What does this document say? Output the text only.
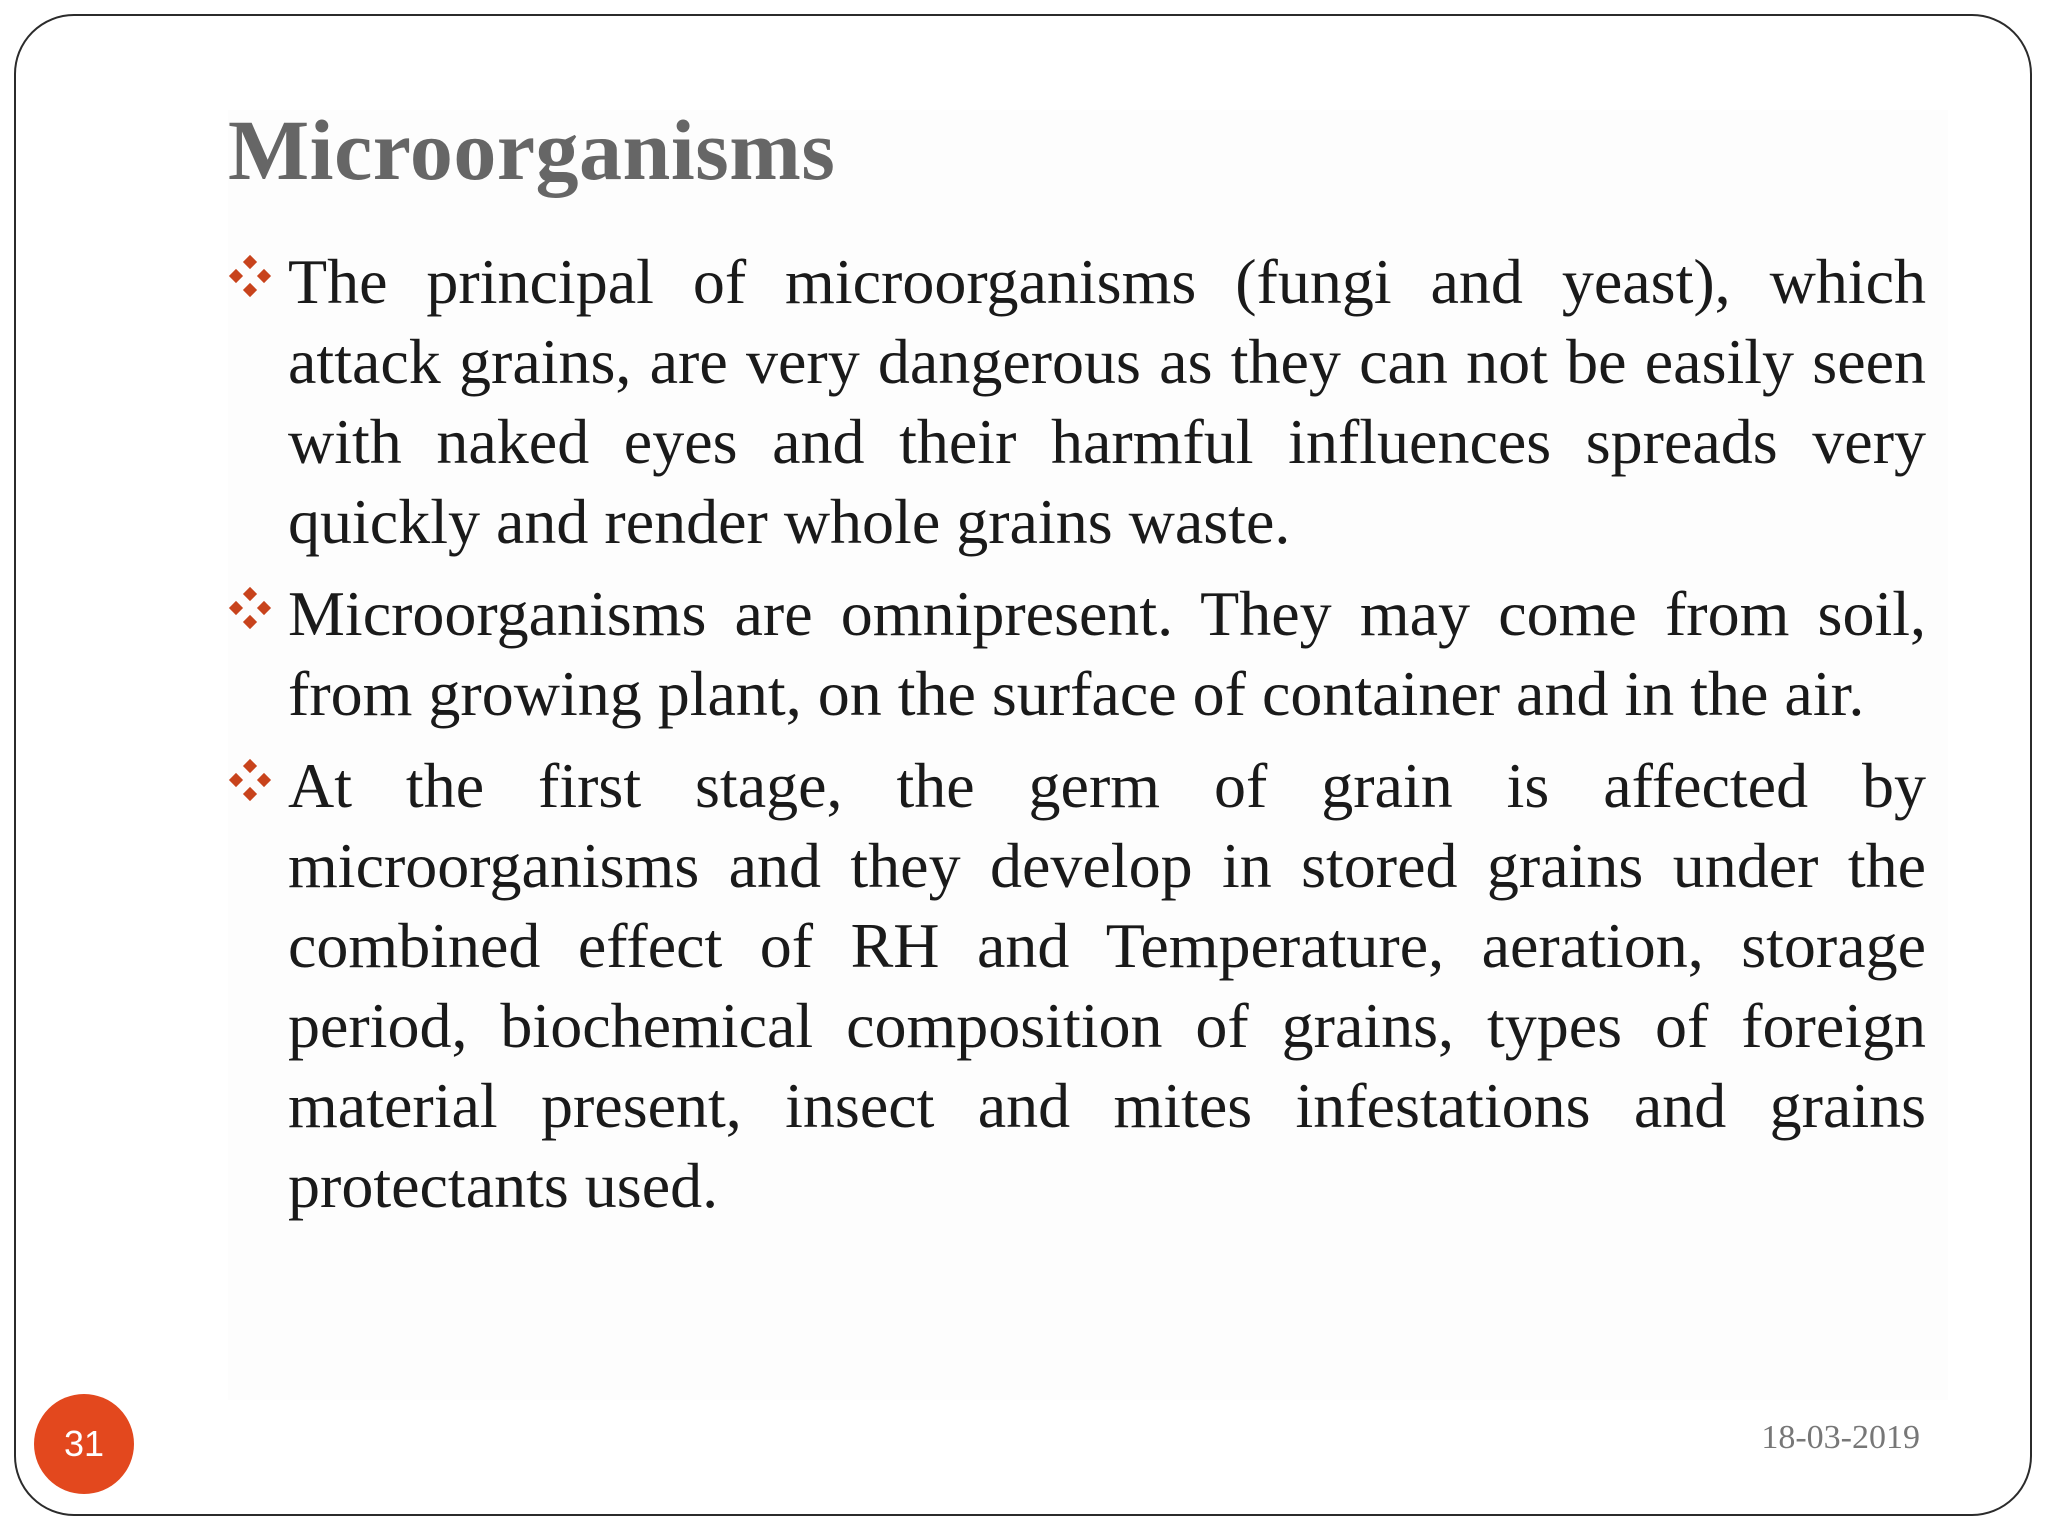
Microorganisms
The principal of microorganisms (fungi and yeast), which attack grains, are very dangerous as they can not be easily seen with naked eyes and their harmful influences spreads very quickly and render whole grains waste.
Microorganisms are omnipresent. They may come from soil, from growing plant, on the surface of container and in the air.
At the first stage, the germ of grain is affected by microorganisms and they develop in stored grains under the combined effect of RH and Temperature, aeration, storage period, biochemical composition of grains, types of foreign material present, insect and mites infestations and grains protectants used.
31	18-03-2019
